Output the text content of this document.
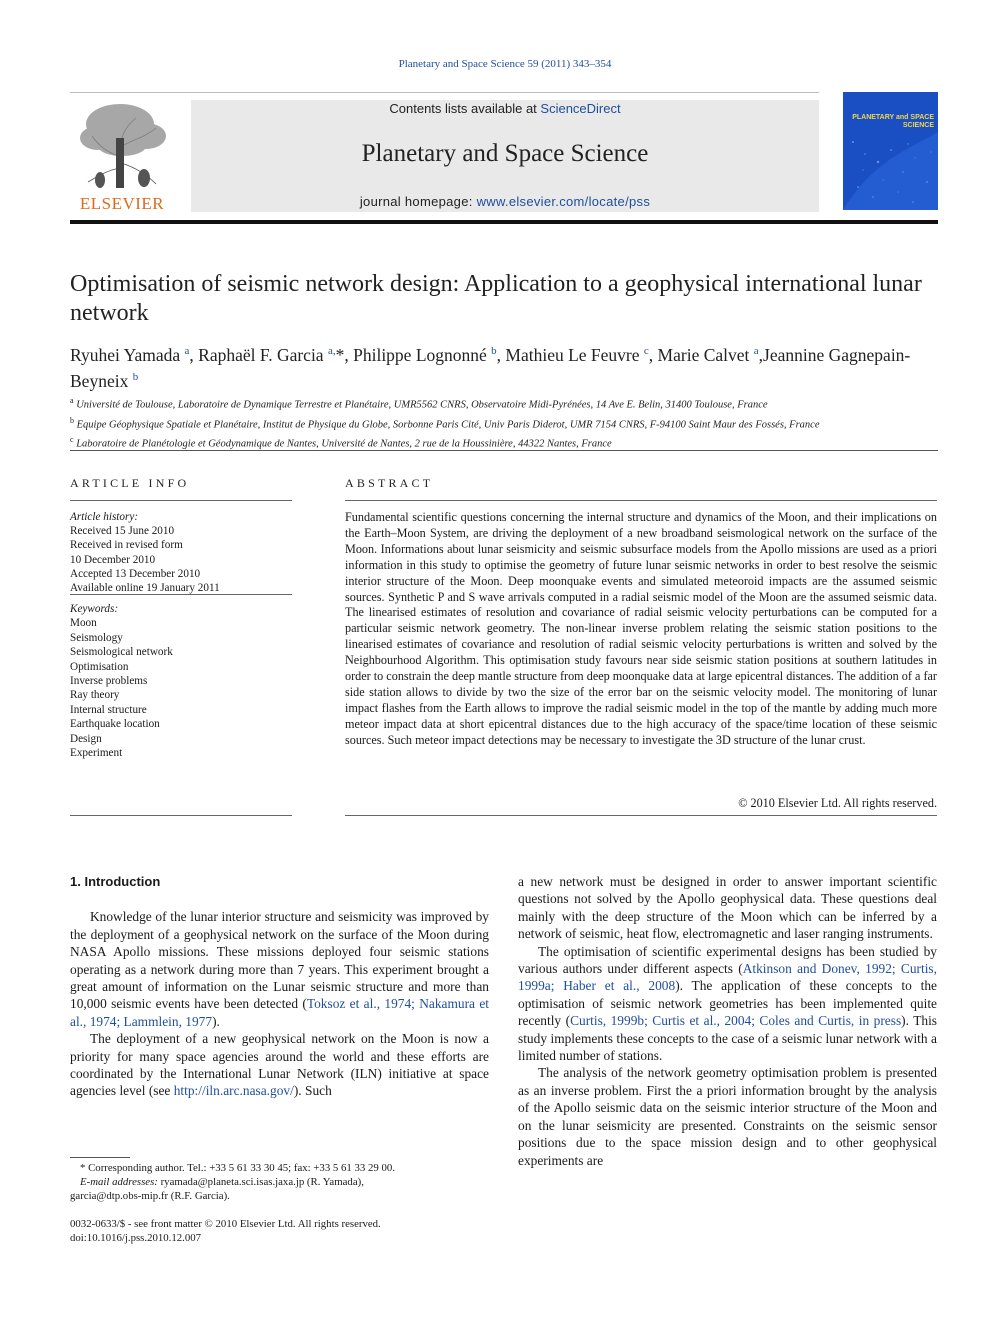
Planetary and Space Science 59 (2011) 343–354
ELSEVIER
Contents lists available at ScienceDirect
Planetary and Space Science
journal homepage: www.elsevier.com/locate/pss
PLANETARY and SPACE SCIENCE
Optimisation of seismic network design: Application to a geophysical international lunar network
Ryuhei Yamada $^a$, Raphaël F. Garcia $^{a,}$*, Philippe Lognonné $^b$, Mathieu Le Feuvre $^c$, Marie Calvet $^a$,Jeannine Gagnepain-Beyneix $^b$
$^a$ Université de Toulouse, Laboratoire de Dynamique Terrestre et Planétaire, UMR5562 CNRS, Observatoire Midi-Pyrénées, 14 Ave E. Belin, 31400 Toulouse, France
$^b$ Equipe Géophysique Spatiale et Planétaire, Institut de Physique du Globe, Sorbonne Paris Cité, Univ Paris Diderot, UMR 7154 CNRS, F-94100 Saint Maur des Fossés, France
$^c$ Laboratoire de Planétologie et Géodynamique de Nantes, Université de Nantes, 2 rue de la Houssinière, 44322 Nantes, France
ARTICLE INFO	ABSTRACT
Article history:
Received 15 June 2010
Received in revised form
10 December 2010
Accepted 13 December 2010
Available online 19 January 2011
Keywords:
Moon
Seismology
Seismological network
Optimisation
Inverse problems
Ray theory
Internal structure
Earthquake location
Design
Experiment
Fundamental scientific questions concerning the internal structure and dynamics of the Moon, and their implications on the Earth–Moon System, are driving the deployment of a new broadband seismological network on the surface of the Moon. Informations about lunar seismicity and seismic subsurface models from the Apollo missions are used as a priori information in this study to optimise the geometry of future lunar seismic networks in order to best resolve the seismic interior structure of the Moon. Deep moonquake events and simulated meteoroid impacts are the assumed seismic sources. Synthetic P and S wave arrivals computed in a radial seismic model of the Moon are the assumed seismic data. The linearised estimates of resolution and covariance of radial seismic velocity perturbations can be computed for a particular seismic network geometry. The non-linear inverse problem relating the seismic station positions to the linearised estimates of covariance and resolution of radial seismic velocity perturbations is written and solved by the Neighbourhood Algorithm. This optimisation study favours near side seismic station positions at southern latitudes in order to constrain the deep mantle structure from deep moonquake data at large epicentral distances. The addition of a far side station allows to divide by two the size of the error bar on the seismic velocity model. The monitoring of lunar impact flashes from the Earth allows to improve the radial seismic model in the top of the mantle by adding much more meteor impact data at short epicentral distances due to the high accuracy of the space/time location of these seismic sources. Such meteor impact detections may be necessary to investigate the 3D structure of the lunar crust.
© 2010 Elsevier Ltd. All rights reserved.
1. Introduction

Knowledge of the lunar interior structure and seismicity was improved by the deployment of a geophysical network on the surface of the Moon during NASA Apollo missions. These missions deployed four seismic stations operating as a network during more than 7 years. This experiment brought a great amount of information on the Lunar seismic structure and more than 10,000 seismic events have been detected (Toksoz et al., 1974; Nakamura et al., 1974; Lammlein, 1977).

The deployment of a new geophysical network on the Moon is now a priority for many space agencies around the world and these efforts are coordinated by the International Lunar Network (ILN) initiative at space agencies level (see http://iln.arc.nasa.gov/). Such

a new network must be designed in order to answer important scientific questions not solved by the Apollo geophysical data. These questions deal mainly with the deep structure of the Moon which can be inferred by a network of seismic, heat flow, electromagnetic and laser ranging instruments.

The optimisation of scientific experimental designs has been studied by various authors under different aspects (Atkinson and Donev, 1992; Curtis, 1999a; Haber et al., 2008). The application of these concepts to the optimisation of seismic network geometries has been implemented quite recently (Curtis, 1999b; Curtis et al., 2004; Coles and Curtis, in press). This study implements these concepts to the case of a seismic lunar network with a limited number of stations.

The analysis of the network geometry optimisation problem is presented as an inverse problem. First the a priori information brought by the analysis of the Apollo seismic data on the seismic interior structure of the Moon and on the lunar seismicity are presented. Constraints on the seismic sensor positions due to the space mission design and to other geophysical experiments are

* Corresponding author. Tel.: +33 5 61 33 30 45; fax: +33 5 61 33 29 00.
E-mail addresses: ryamada@planeta.sci.isas.jaxa.jp (R. Yamada),
garcia@dtp.obs-mip.fr (R.F. Garcia).
0032-0633/$ - see front matter © 2010 Elsevier Ltd. All rights reserved.
doi:10.1016/j.pss.2010.12.007
